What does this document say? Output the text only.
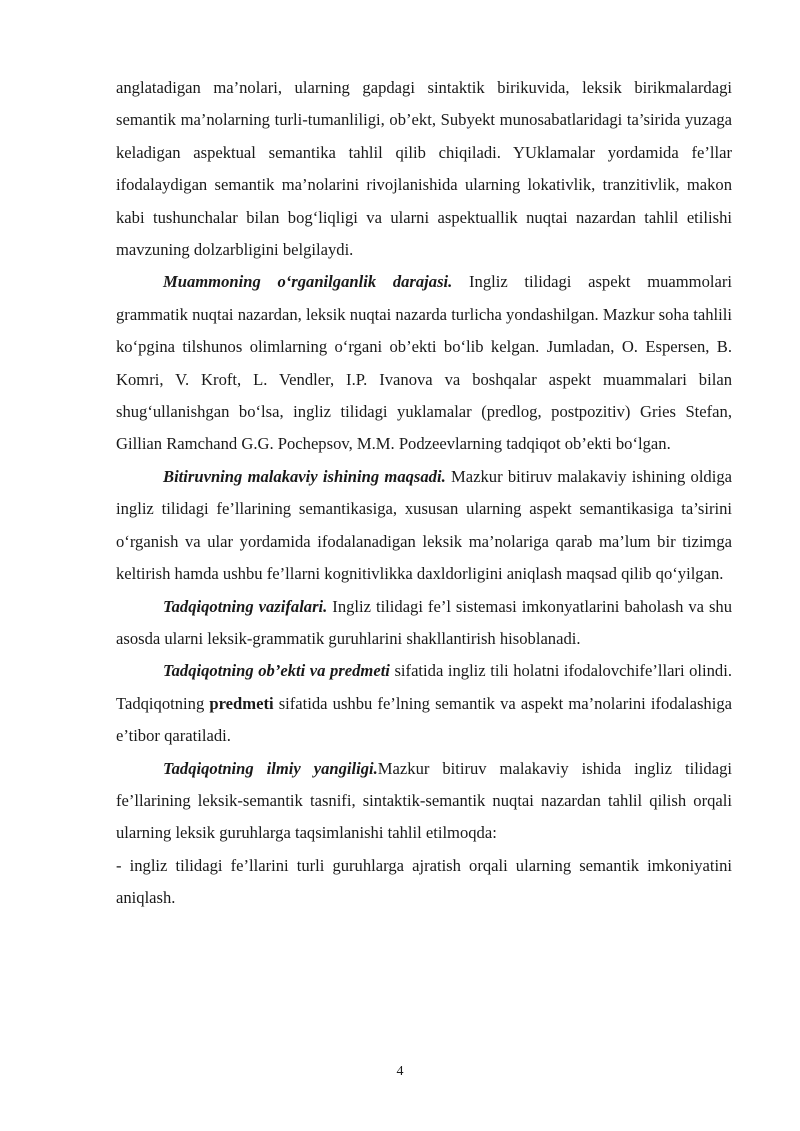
anglatadigan ma’nolari, ularning gapdagi sintaktik birikuvida, leksik birikmalardagi semantik ma’nolarning turli-tumanliligi, ob’ekt, Subyekt munosabatlaridagi ta’sirida yuzaga keladigan aspektual semantika tahlil qilib chiqiladi. YUklamalar yordamida fe’llar ifodalaydigan semantik ma’nolarini rivojlanishida ularning lokativlik, tranzitivlik, makon kabi tushunchalar bilan bog‘liqligi va ularni aspektuallik nuqtai nazardan tahlil etilishi mavzuning dolzarbligini belgilaydi.

Muammoning o‘rganilganlik darajasi. Ingliz tilidagi aspekt muammolari grammatik nuqtai nazardan, leksik nuqtai nazarda turlicha yondashilgan. Mazkur soha tahlili ko‘pgina tilshunos olimlarning o‘rgani ob’ekti bo‘lib kelgan. Jumladan, O. Espersen, B. Komri, V. Kroft, L. Vendler, I.P. Ivanova va boshqalar aspekt muammalari bilan shug‘ullanishgan bo‘lsa, ingliz tilidagi yuklamalar (predlog, postpozitiv) Gries Stefan, Gillian Ramchand G.G. Pochepsov, M.M. Podzeevlarning tadqiqot ob’ekti bo‘lgan.

Bitiruvning malakaviy ishining maqsadi. Mazkur bitiruv malakaviy ishining oldiga ingliz tilidagi fe’llarining semantikasiga, xususan ularning aspekt semantikasiga ta’sirini o‘rganish va ular yordamida ifodalanadigan leksik ma’nolariga qarab ma’lum bir tizimga keltirish hamda ushbu fe’llarni kognitivlikka daxldorligini aniqlash maqsad qilib qo‘yilgan.

Tadqiqotning vazifalari. Ingliz tilidagi fe’l sistemasi imkonyatlarini baholash va shu asosda ularni leksik-grammatik guruhlarini shakllantirish hisoblanadi.

Tadqiqotning ob’ekti va predmeti sifatida ingliz tili holatni ifodalovchife’llari olindi. Tadqiqotning predmeti sifatida ushbu fe’lning semantik va aspekt ma’nolarini ifodalashiga e’tibor qaratiladi.

Tadqiqotning ilmiy yangiligi.Mazkur bitiruv malakaviy ishida ingliz tilidagi fe’llarining leksik-semantik tasnifi, sintaktik-semantik nuqtai nazardan tahlil qilish orqali ularning leksik guruhlarga taqsimlanishi tahlil etilmoqda:

- ingliz tilidagi fe’llarini turli guruhlarga ajratish orqali ularning semantik imkoniyatini aniqlash.

4
